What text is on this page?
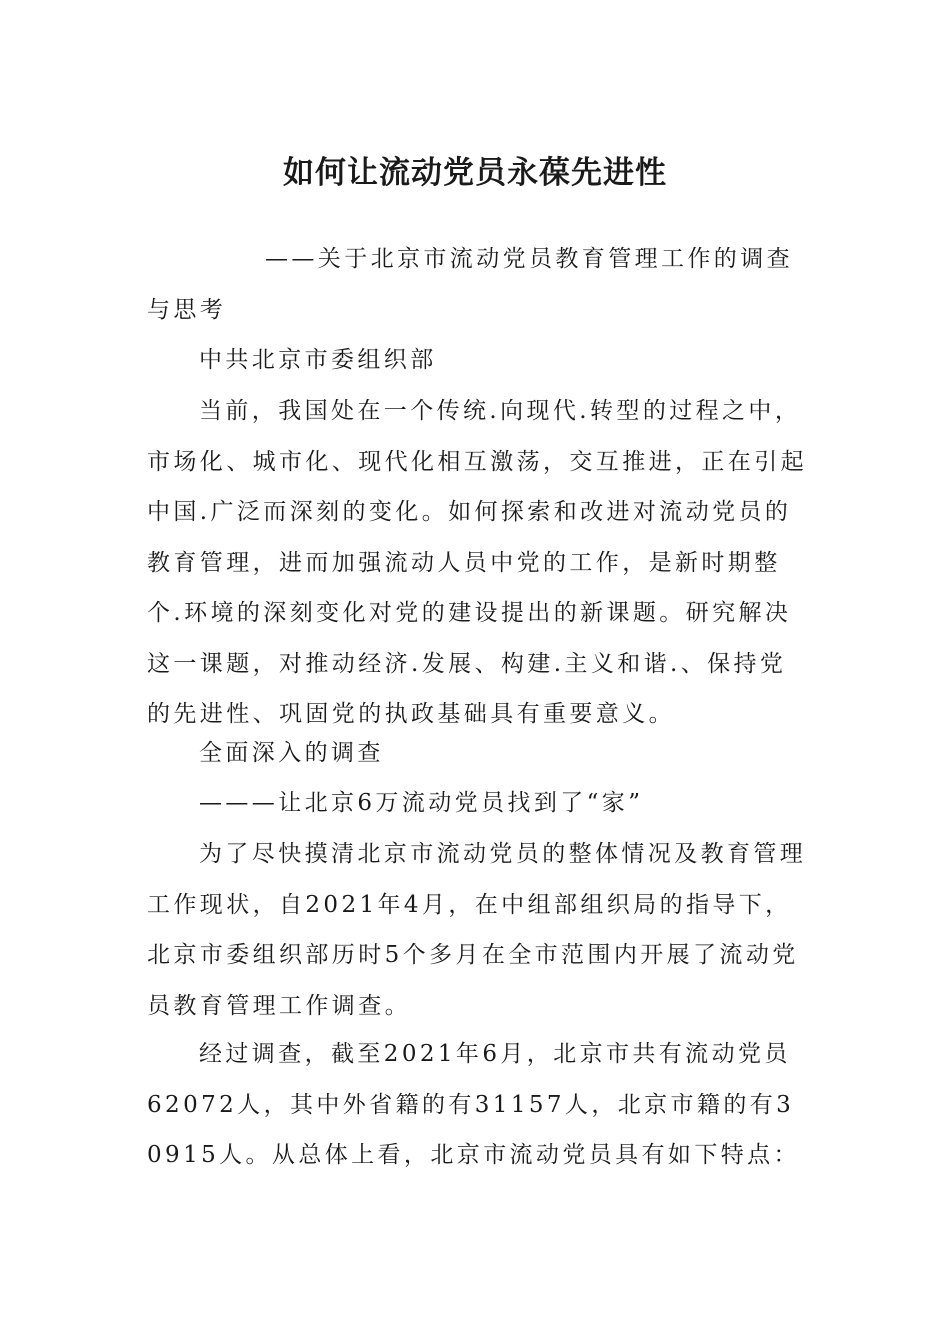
如何让流动党员永葆先进性

——关于北京市流动党员教育管理工作的调查与思考

中共北京市委组织部

当前，我国处在一个传统.向现代.转型的过程之中，市场化、城市化、现代化相互激荡，交互推进，正在引起中国.广泛而深刻的变化。如何探索和改进对流动党员的教育管理，进而加强流动人员中党的工作，是新时期整个.环境的深刻变化对党的建设提出的新课题。研究解决这一课题，对推动经济.发展、构建.主义和谐.、保持党的先进性、巩固党的执政基础具有重要意义。

全面深入的调查

———让北京6万流动党员找到了“家”

为了尽快摸清北京市流动党员的整体情况及教育管理工作现状，自2021年4月，在中组部组织局的指导下，北京市委组织部历时5个多月在全市范围内开展了流动党员教育管理工作调查。

经过调查，截至2021年6月，北京市共有流动党员62072人，其中外省籍的有31157人，北京市籍的有30915人。从总体上看，北京市流动党员具有如下特点：
